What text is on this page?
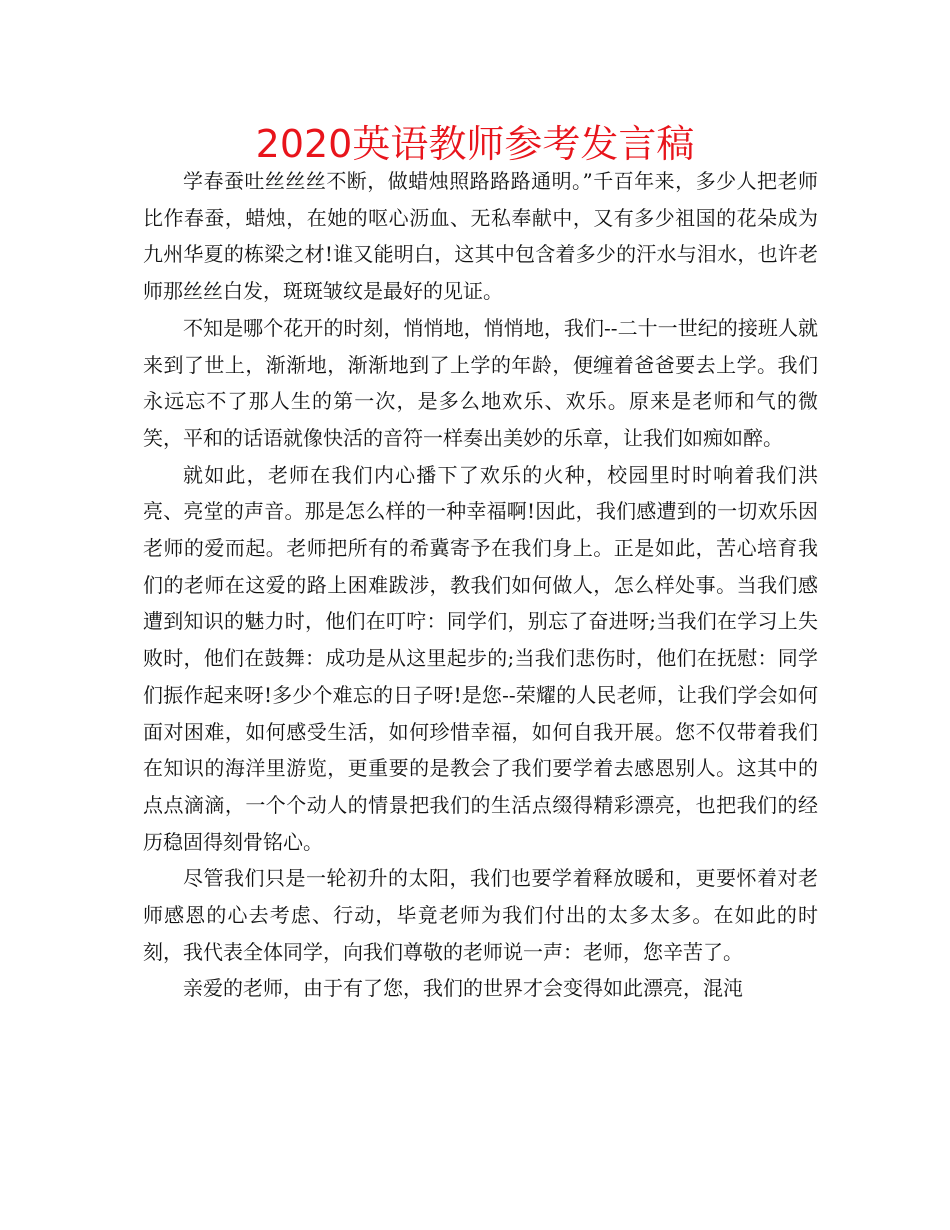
2020英语教师参考发言稿

学春蚕吐丝丝丝不断，做蜡烛照路路路通明。”千百年来，多少人把老师比作春蚕，蜡烛，在她的呕心沥血、无私奉献中，又有多少祖国的花朵成为九州华夏的栋梁之材!谁又能明白，这其中包含着多少的汗水与泪水，也许老师那丝丝白发，斑斑皱纹是最好的见证。

不知是哪个花开的时刻，悄悄地，悄悄地，我们--二十一世纪的接班人就来到了世上，渐渐地，渐渐地到了上学的年龄，便缠着爸爸要去上学。我们永远忘不了那人生的第一次，是多么地欢乐、欢乐。原来是老师和气的微笑，平和的话语就像快活的音符一样奏出美妙的乐章，让我们如痴如醉。

就如此，老师在我们内心播下了欢乐的火种，校园里时时响着我们洪亮、亮堂的声音。那是怎么样的一种幸福啊!因此，我们感遭到的一切欢乐因老师的爱而起。老师把所有的希冀寄予在我们身上。正是如此，苦心培育我们的老师在这爱的路上困难跋涉，教我们如何做人，怎么样处事。当我们感遭到知识的魅力时，他们在叮咛：同学们，别忘了奋进呀;当我们在学习上失败时，他们在鼓舞：成功是从这里起步的;当我们悲伤时，他们在抚慰：同学们振作起来呀!多少个难忘的日子呀!是您--荣耀的人民老师，让我们学会如何面对困难，如何感受生活，如何珍惜幸福，如何自我开展。您不仅带着我们在知识的海洋里游览，更重要的是教会了我们要学着去感恩别人。这其中的点点滴滴，一个个动人的情景把我们的生活点缀得精彩漂亮，也把我们的经历稳固得刻骨铭心。

尽管我们只是一轮初升的太阳，我们也要学着释放暖和，更要怀着对老师感恩的心去考虑、行动，毕竟老师为我们付出的太多太多。在如此的时刻，我代表全体同学，向我们尊敬的老师说一声：老师，您辛苦了。

亲爱的老师，由于有了您，我们的世界才会变得如此漂亮，混沌
